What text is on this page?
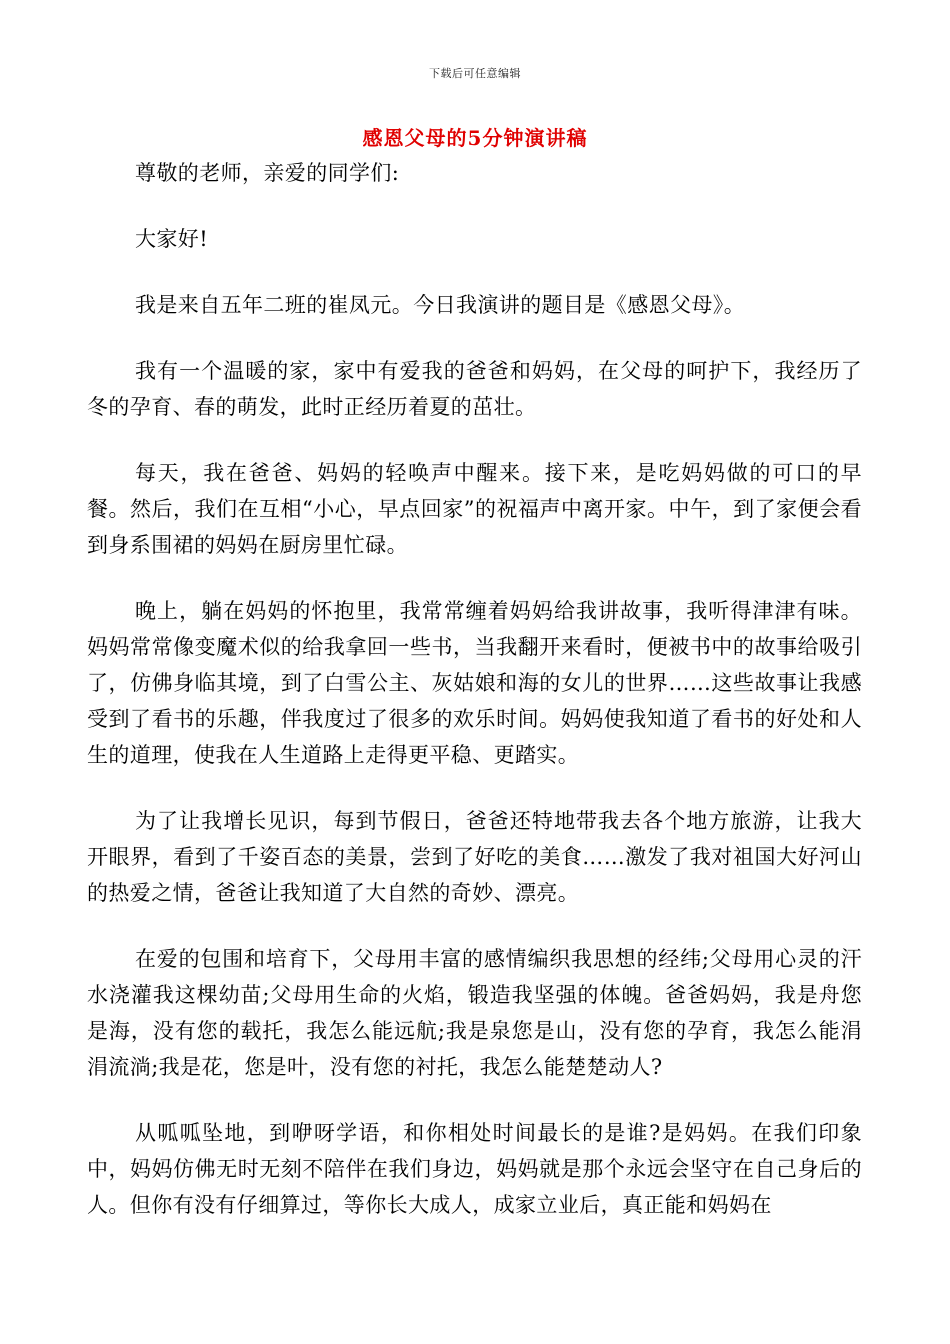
下载后可任意编辑
感恩父母的5分钟演讲稿

尊敬的老师，亲爱的同学们:

大家好!

我是来自五年二班的崔凤元。今日我演讲的题目是《感恩父母》。

我有一个温暖的家，家中有爱我的爸爸和妈妈，在父母的呵护下，我经历了冬的孕育、春的萌发，此时正经历着夏的茁壮。

每天，我在爸爸、妈妈的轻唤声中醒来。接下来，是吃妈妈做的可口的早餐。然后，我们在互相“小心，早点回家”的祝福声中离开家。中午，到了家便会看到身系围裙的妈妈在厨房里忙碌。

晚上，躺在妈妈的怀抱里，我常常缠着妈妈给我讲故事，我听得津津有味。妈妈常常像变魔术似的给我拿回一些书，当我翻开来看时，便被书中的故事给吸引了，仿佛身临其境，到了白雪公主、灰姑娘和海的女儿的世界……这些故事让我感受到了看书的乐趣，伴我度过了很多的欢乐时间。妈妈使我知道了看书的好处和人生的道理，使我在人生道路上走得更平稳、更踏实。

为了让我增长见识，每到节假日，爸爸还特地带我去各个地方旅游，让我大开眼界，看到了千姿百态的美景，尝到了好吃的美食……激发了我对祖国大好河山的热爱之情，爸爸让我知道了大自然的奇妙、漂亮。

在爱的包围和培育下，父母用丰富的感情编织我思想的经纬;父母用心灵的汗水浇灌我这棵幼苗;父母用生命的火焰，锻造我坚强的体魄。爸爸妈妈，我是舟您是海，没有您的载托，我怎么能远航;我是泉您是山，没有您的孕育，我怎么能涓涓流淌;我是花，您是叶，没有您的衬托，我怎么能楚楚动人?

从呱呱坠地，到咿呀学语，和你相处时间最长的是谁?是妈妈。在我们印象中，妈妈仿佛无时无刻不陪伴在我们身边，妈妈就是那个永远会坚守在自己身后的人。但你有没有仔细算过，等你长大成人，成家立业后，真正能和妈妈在
